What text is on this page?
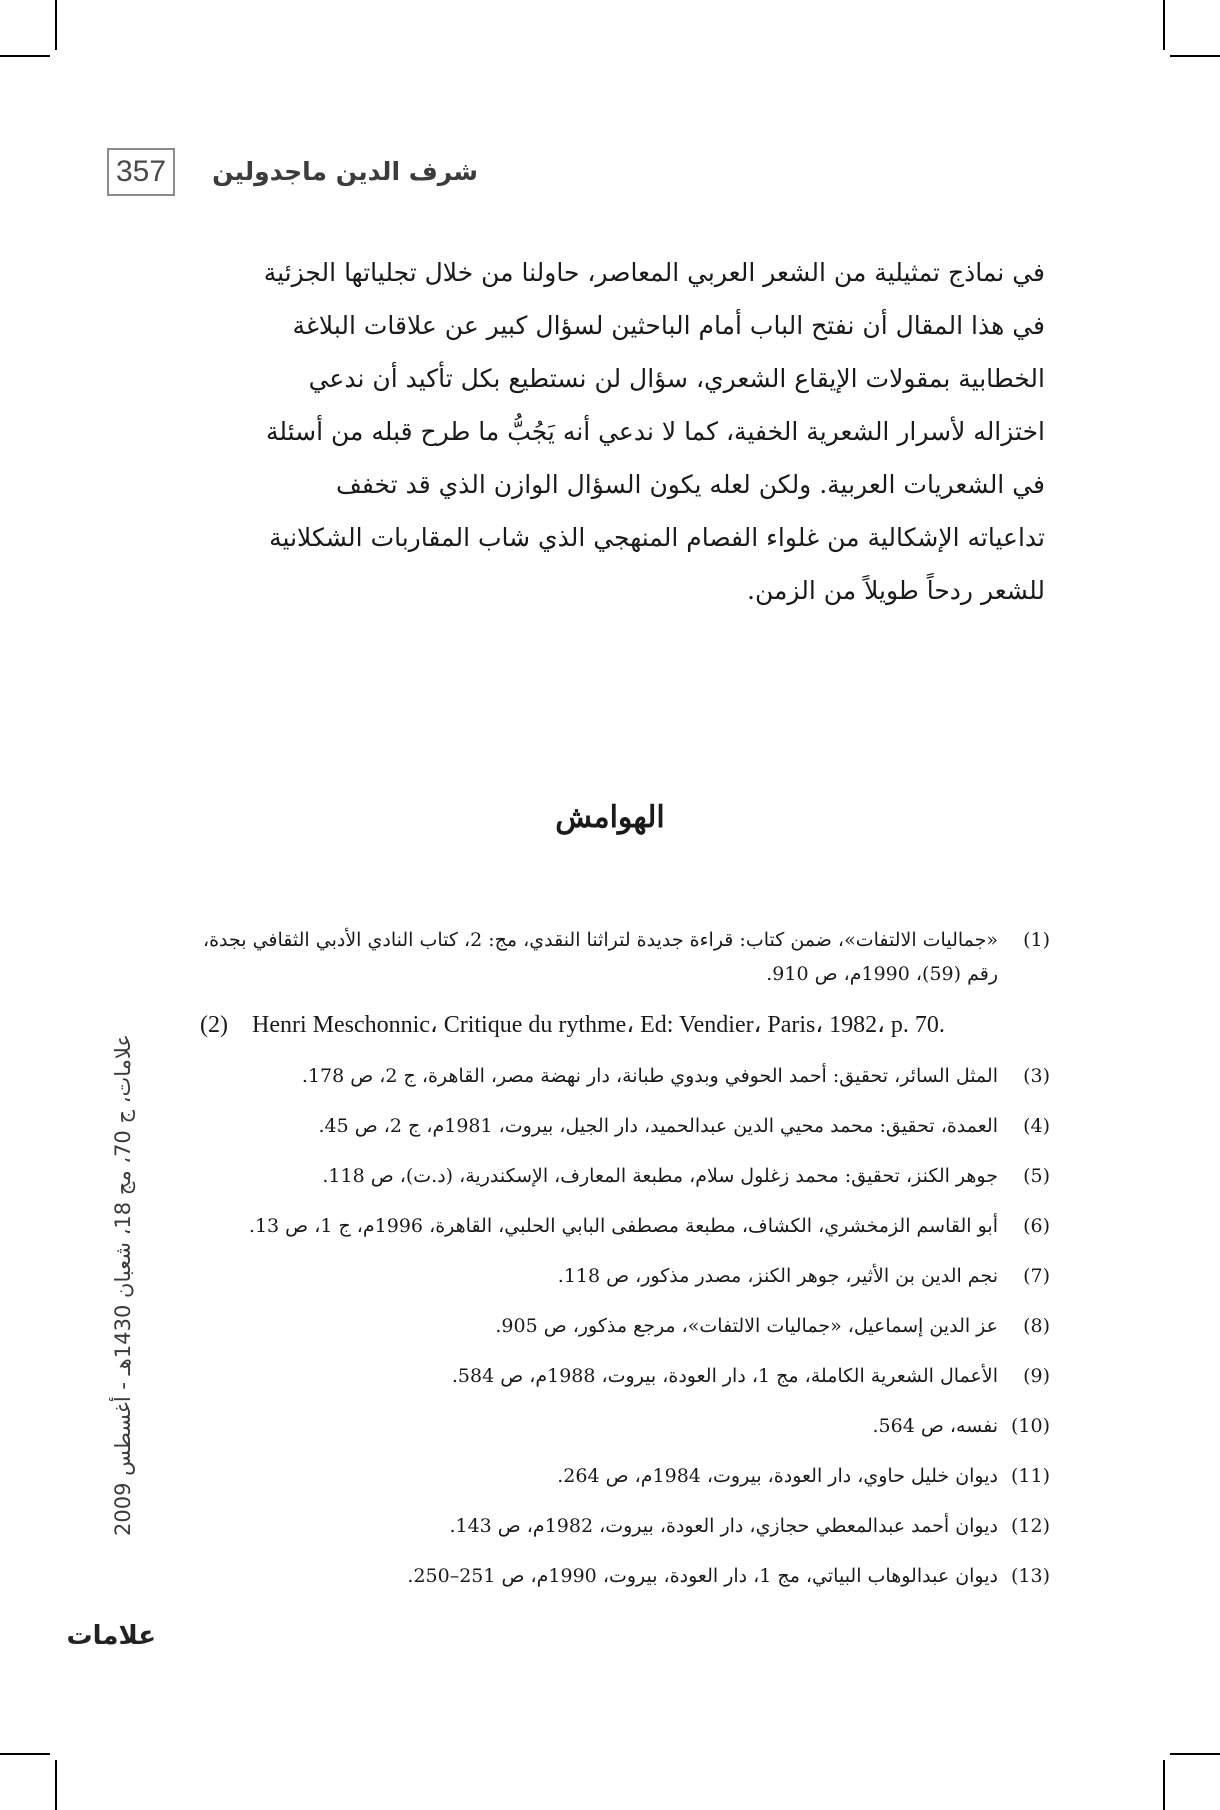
357	شرف الدين ماجدولين
في نماذج تمثيلية من الشعر العربي المعاصر، حاولنا من خلال تجلياتها الجزئية
في هذا المقال أن نفتح الباب أمام الباحثين لسؤال كبير عن علاقات البلاغة
الخطابية بمقولات الإيقاع الشعري، سؤال لن نستطيع بكل تأكيد أن ندعي
اختزاله لأسرار الشعرية الخفية، كما لا ندعي أنه يَجُبُّ ما طرح قبله من أسئلة
في الشعريات العربية. ولكن لعله يكون السؤال الوازن الذي قد تخفف
تداعياته الإشكالية من غلواء الفصام المنهجي الذي شاب المقاربات الشكلانية
للشعر ردحاً طويلاً من الزمن.
الهوامش
(1)«جماليات الالتفات»، ضمن كتاب: قراءة جديدة لتراثنا النقدي، مج: 2، كتاب النادي الأدبي الثقافي بجدة، رقم (59)، 1990م، ص 910.
(2) Henri Meschonnic، Critique du rythme، Ed: Vendier، Paris، 1982، p. 70.
(3)المثل السائر، تحقيق: أحمد الحوفي وبدوي طبانة، دار نهضة مصر، القاهرة، ج 2، ص 178.
(4)العمدة، تحقيق: محمد محيي الدين عبدالحميد، دار الجيل، بيروت، 1981م، ج 2، ص 45.
(5)جوهر الكنز، تحقيق: محمد زغلول سلام، مطبعة المعارف، الإسكندرية، (د.ت)، ص 118.
(6)أبو القاسم الزمخشري، الكشاف، مطبعة مصطفى البابي الحلبي، القاهرة، 1996م، ج 1، ص 13.
(7)نجم الدين بن الأثير، جوهر الكنز، مصدر مذكور، ص 118.
(8)عز الدين إسماعيل، «جماليات الالتفات»، مرجع مذكور، ص 905.
(9)الأعمال الشعرية الكاملة، مج 1، دار العودة، بيروت، 1988م، ص 584.
(10)نفسه، ص 564.
(11)ديوان خليل حاوي، دار العودة، بيروت، 1984م، ص 264.
(12)ديوان أحمد عبدالمعطي حجازي، دار العودة، بيروت، 1982م، ص 143.
(13)ديوان عبدالوهاب البياتي، مج 1، دار العودة، بيروت، 1990م، ص 251–250.
علامات، ج 70، مج 18، شعبان 1430هـ - أغسطس 2009
علامات
